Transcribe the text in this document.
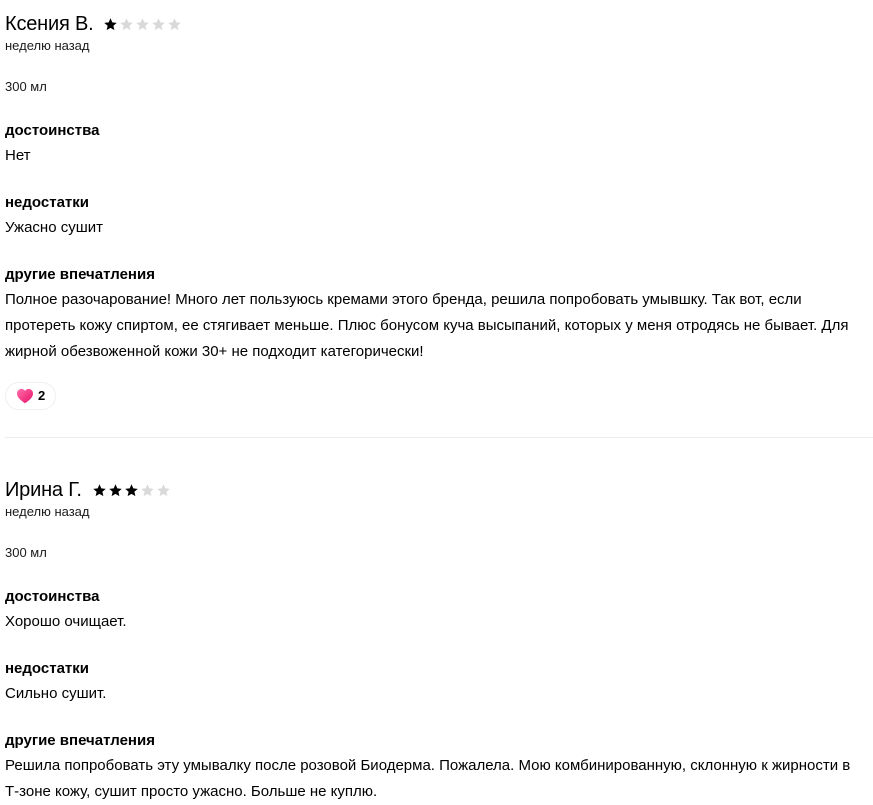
Ксения В.
неделю назад
300 мл
достоинства
Нет
недостатки
Ужасно сушит
другие впечатления
Полное разочарование! Много лет пользуюсь кремами этого бренда, решила попробовать умывшку. Так вот, если протереть кожу спиртом, ее стягивает меньше. Плюс бонусом куча высыпаний, которых у меня отродясь не бывает. Для жирной обезвоженной кожи 30+ не подходит категорически!
2
Ирина Г.
неделю назад
300 мл
достоинства
Хорошо очищает.
недостатки
Сильно сушит.
другие впечатления
Решила попробовать эту умывалку после розовой Биодерма. Пожалела. Мою комбинированную, склонную к жирности в Т-зоне кожу, сушит просто ужасно. Больше не куплю.
